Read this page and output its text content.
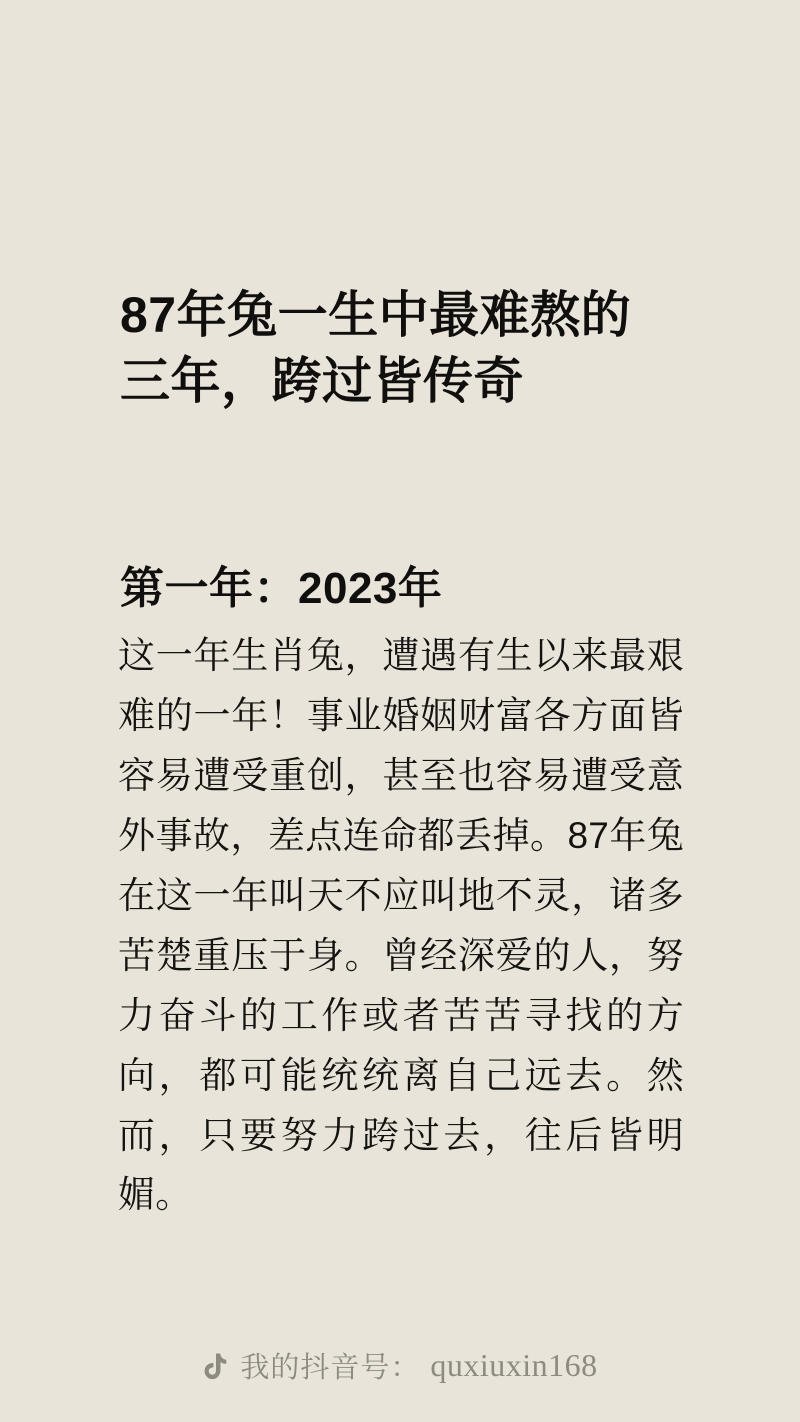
87年兔一生中最难熬的三年，跨过皆传奇
第一年：2023年

这一年生肖兔，遭遇有生以来最艰难的一年！事业婚姻财富各方面皆容易遭受重创，甚至也容易遭受意外事故，差点连命都丢掉。87年兔在这一年叫天不应叫地不灵，诸多苦楚重压于身。曾经深爱的人，努力奋斗的工作或者苦苦寻找的方向，都可能统统离自己远去。然而，只要努力跨过去，往后皆明媚。

我的抖音号： quxiuxin168
